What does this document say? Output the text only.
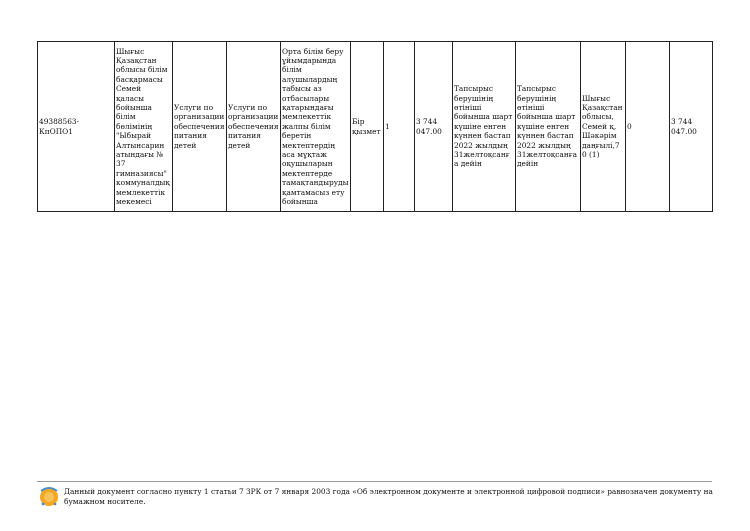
49388563-КпОПО1	Шығыс Қазақстан облысы білім басқармасы Семей қаласы бойынша білім бөлімінің "Ыбырай Алтынсарин атындағы № 37 гимназиясы" коммуналдық мемлекеттік мекемесі	Услуги по организации обеспечения питания детей	Услуги по организации обеспечения питания детей	Орта білім беру ұйымдарында білім алушылардың табысы аз отбасылары қатарындағы мемлекеттік жалпы білім беретін мектептердің аса мұқтаж оқушыларын мектептерде тамақтандыруды қамтамасыз ету бойынша	Бір қызмет	1	3 744 047.00	Тапсырыс берушінің өтініші бойынша шарт күшіне енген күннен бастап 2022 жылдың 31желтоқсанға дейін	Тапсырыс берушінің өтініші бойынша шарт күшіне енген күннен бастап 2022 жылдың 31желтоқсанға дейін	Шығыс Қазақстан облысы, Семей қ, Шәкәрім даңғылі,70 (1)	0	3 744 047.00
Данный документ согласно пункту 1 статьи 7 ЗРК от 7 января 2003 года «Об электронном документе и электронной цифровой подписи» равнозначен документу на бумажном носителе.
